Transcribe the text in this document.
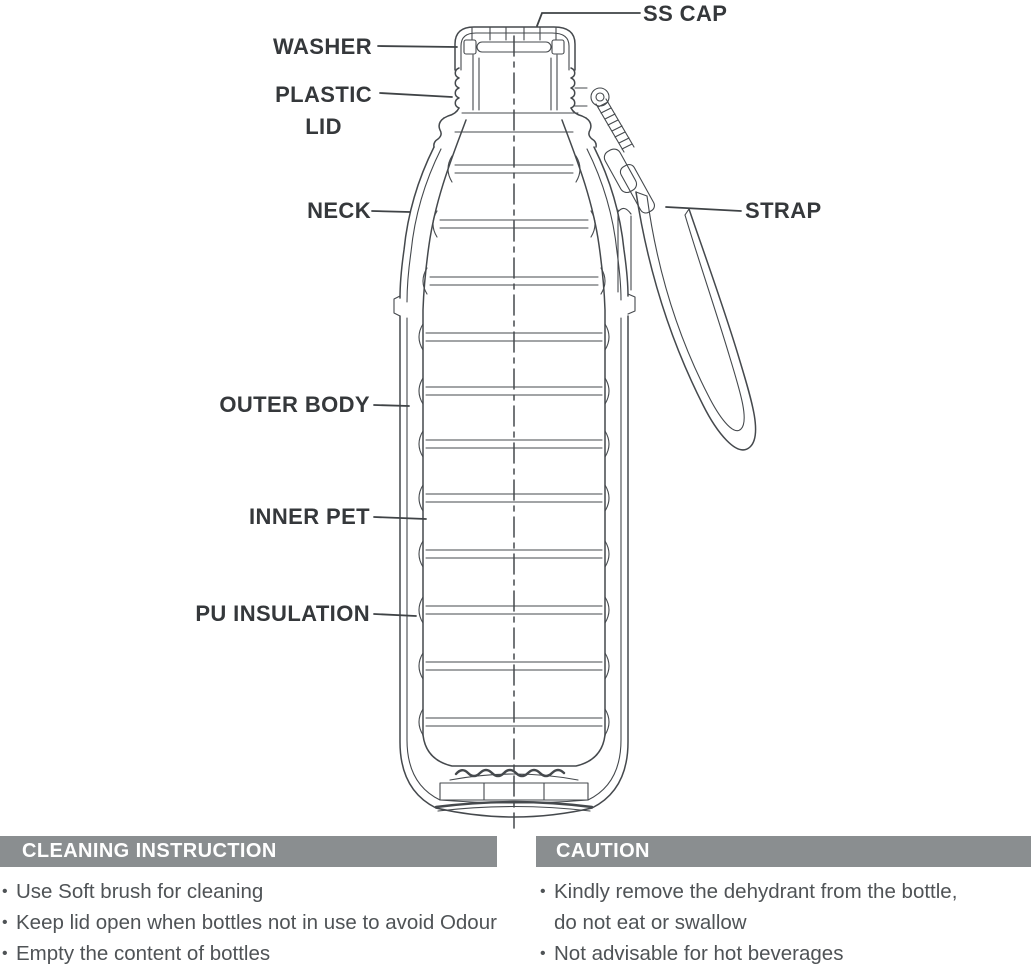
SS CAP
WASHER
PLASTIC
LID
NECK	STRAP
OUTER BODY
INNER PET
PU INSULATION
CLEANING INSTRUCTION
• Use Soft brush for cleaning
• Keep lid open when bottles not in use to avoid Odour
• Empty the content of bottles
CAUTION
• Kindly remove the dehydrant from the bottle,
do not eat or swallow
• Not advisable for hot beverages
